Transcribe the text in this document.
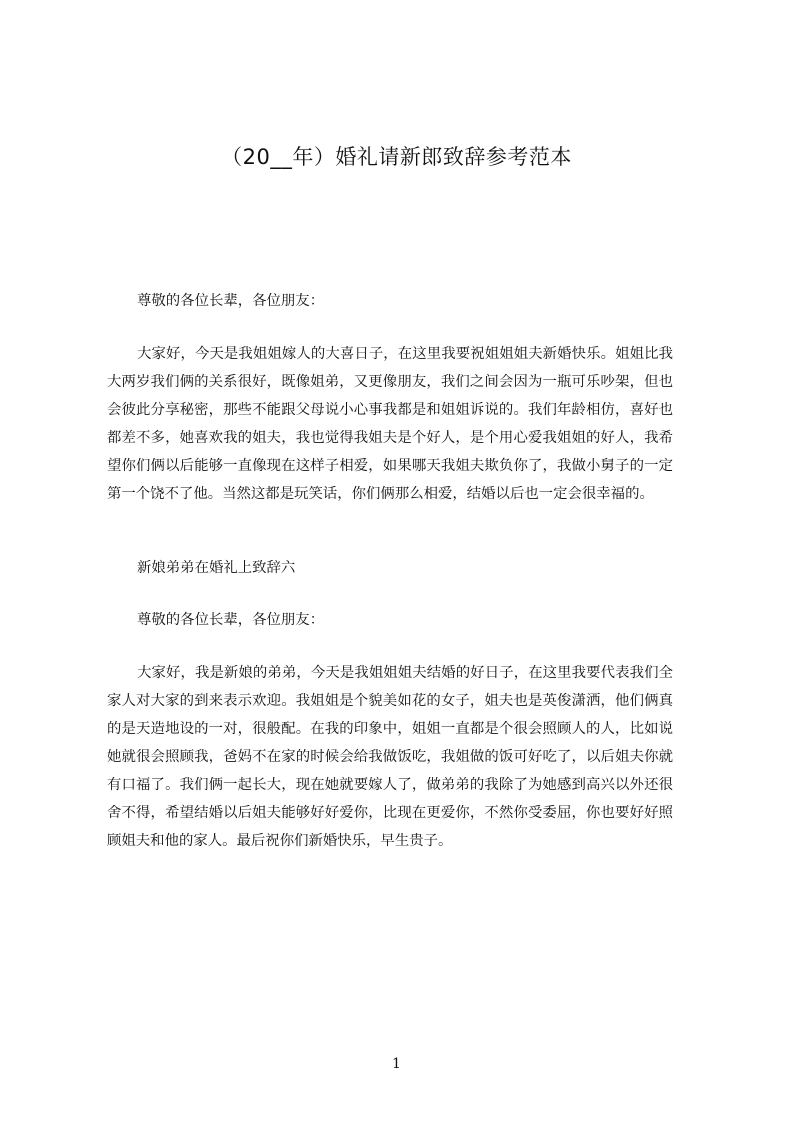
（20__年）婚礼请新郎致辞参考范本

尊敬的各位长辈，各位朋友：

大家好，今天是我姐姐嫁人的大喜日子，在这里我要祝姐姐姐夫新婚快乐。姐姐比我大两岁我们俩的关系很好，既像姐弟，又更像朋友，我们之间会因为一瓶可乐吵架，但也会彼此分享秘密，那些不能跟父母说小心事我都是和姐姐诉说的。我们年龄相仿，喜好也都差不多，她喜欢我的姐夫，我也觉得我姐夫是个好人，是个用心爱我姐姐的好人，我希望你们俩以后能够一直像现在这样子相爱，如果哪天我姐夫欺负你了，我做小舅子的一定第一个饶不了他。当然这都是玩笑话，你们俩那么相爱，结婚以后也一定会很幸福的。

新娘弟弟在婚礼上致辞六

尊敬的各位长辈，各位朋友：

大家好，我是新娘的弟弟，今天是我姐姐姐夫结婚的好日子，在这里我要代表我们全家人对大家的到来表示欢迎。我姐姐是个貌美如花的女子，姐夫也是英俊潇洒，他们俩真的是天造地设的一对，很般配。在我的印象中，姐姐一直都是个很会照顾人的人，比如说她就很会照顾我，爸妈不在家的时候会给我做饭吃，我姐做的饭可好吃了，以后姐夫你就有口福了。我们俩一起长大，现在她就要嫁人了，做弟弟的我除了为她感到高兴以外还很舍不得，希望结婚以后姐夫能够好好爱你，比现在更爱你，不然你受委屈，你也要好好照顾姐夫和他的家人。最后祝你们新婚快乐，早生贵子。

1
